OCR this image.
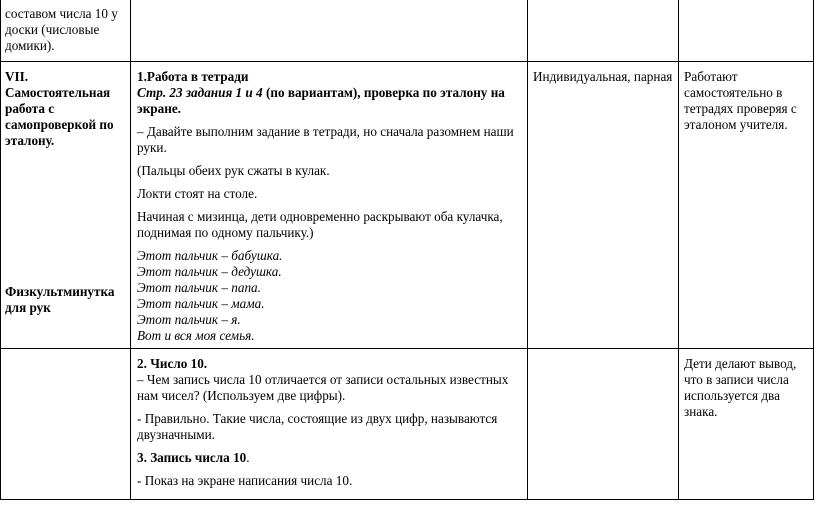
составом числа 10 у доски (числовые домики).

VII. Самостоятельная работа с самопроверкой по эталону.

Физкультминутка для рук

1.Работа в тетради

Стр. 23 задания 1 и 4 (по вариантам), проверка по эталону на экране.

– Давайте выполним задание в тетради, но сначала разомнем наши руки.

(Пальцы обеих рук сжаты в кулак.

Локти стоят на столе.

Начиная с мизинца, дети одновременно раскрывают оба кулачка, поднимая по одному пальчику.)

Этот пальчик – бабушка.

Этот пальчик – дедушка.

Этот пальчик – папа.

Этот пальчик – мама.

Этот пальчик – я.

Вот и вся моя семья.

Индивидуальная, парная Работают самостоятельно в тетрадях проверяя с эталоном учителя.

2. Число 10.

– Чем запись числа 10 отличается от записи остальных известных нам чисел? (Используем две цифры).

- Правильно. Такие числа, состоящие из двух цифр, называются двузначными.

3. Запись числа 10.

- Показ на экране написания числа 10.

Дети делают вывод, что в записи числа используется два знака.
